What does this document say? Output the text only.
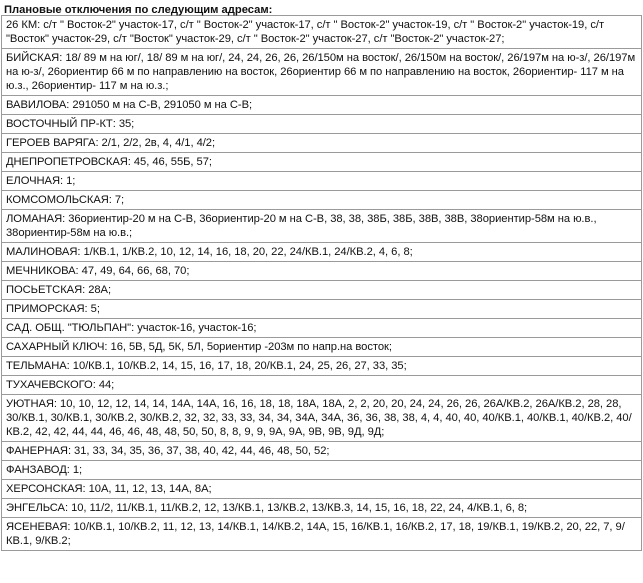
Плановые отключения по следующим адресам:
26 КМ: с/т " Восток-2" участок-17, с/т " Восток-2" участок-17, с/т " Восток-2" участок-19, с/т " Восток-2" участок-19, с/т "Восток" участок-29, с/т "Восток" участок-29, с/т " Восток-2" участок-27, с/т "Восток-2" участок-27;
БИЙСКАЯ: 18/ 89 м на юг/, 18/ 89 м на юг/, 24, 24, 26, 26, 26/150м на восток/, 26/150м на восток/, 26/197м на ю-з/, 26/197м на ю-з/, 26ориентир 66 м по направлению на восток, 26ориентир 66 м по направлению на восток, 26ориентир- 117 м на ю.з., 26ориентир- 117 м на ю.з.;
ВАВИЛОВА: 291050 м на С-В, 291050 м на С-В;
ВОСТОЧНЫЙ ПР-КТ: 35;
ГЕРОЕВ ВАРЯГА: 2/1, 2/2, 2в, 4, 4/1, 4/2;
ДНЕПРОПЕТРОВСКАЯ: 45, 46, 55Б, 57;
ЕЛОЧНАЯ: 1;
КОМСОМОЛЬСКАЯ: 7;
ЛОМАНАЯ: 36ориентир-20 м на С-В, 36ориентир-20 м на С-В, 38, 38, 38Б, 38Б, 38В, 38В, 38ориентир-58м на ю.в., 38ориентир-58м на ю.в.;
МАЛИНОВАЯ: 1/КВ.1, 1/КВ.2, 10, 12, 14, 16, 18, 20, 22, 24/КВ.1, 24/КВ.2, 4, 6, 8;
МЕЧНИКОВА: 47, 49, 64, 66, 68, 70;
ПОСЬЕТСКАЯ: 28А;
ПРИМОРСКАЯ: 5;
САД. ОБЩ. "ТЮЛЬПАН": участок-16, участок-16;
САХАРНЫЙ КЛЮЧ: 16, 5В, 5Д, 5К, 5Л, 5ориентир -203м по напр.на восток;
ТЕЛЬМАНА: 10/КВ.1, 10/КВ.2, 14, 15, 16, 17, 18, 20/КВ.1, 24, 25, 26, 27, 33, 35;
ТУХАЧЕВСКОГО: 44;
УЮТНАЯ: 10, 10, 12, 12, 14, 14, 14А, 14А, 16, 16, 18, 18, 18А, 18А, 2, 2, 20, 20, 24, 24, 26, 26, 26А/КВ.2, 26А/КВ.2, 28, 28, 30/КВ.1, 30/КВ.1, 30/КВ.2, 30/КВ.2, 32, 32, 33, 33, 34, 34, 34А, 34А, 36, 36, 38, 38, 4, 4, 40, 40, 40/КВ.1, 40/КВ.1, 40/КВ.2, 40/КВ.2, 42, 42, 44, 44, 46, 46, 48, 48, 50, 50, 8, 8, 9, 9, 9А, 9А, 9В, 9В, 9Д, 9Д;
ФАНЕРНАЯ: 31, 33, 34, 35, 36, 37, 38, 40, 42, 44, 46, 48, 50, 52;
ФАНЗАВОД: 1;
ХЕРСОНСКАЯ: 10А, 11, 12, 13, 14А, 8А;
ЭНГЕЛЬСА: 10, 11/2, 11/КВ.1, 11/КВ.2, 12, 13/КВ.1, 13/КВ.2, 13/КВ.3, 14, 15, 16, 18, 22, 24, 4/КВ.1, 6, 8;
ЯСЕНЕВАЯ: 10/КВ.1, 10/КВ.2, 11, 12, 13, 14/КВ.1, 14/КВ.2, 14А, 15, 16/КВ.1, 16/КВ.2, 17, 18, 19/КВ.1, 19/КВ.2, 20, 22, 7, 9/КВ.1, 9/КВ.2;
